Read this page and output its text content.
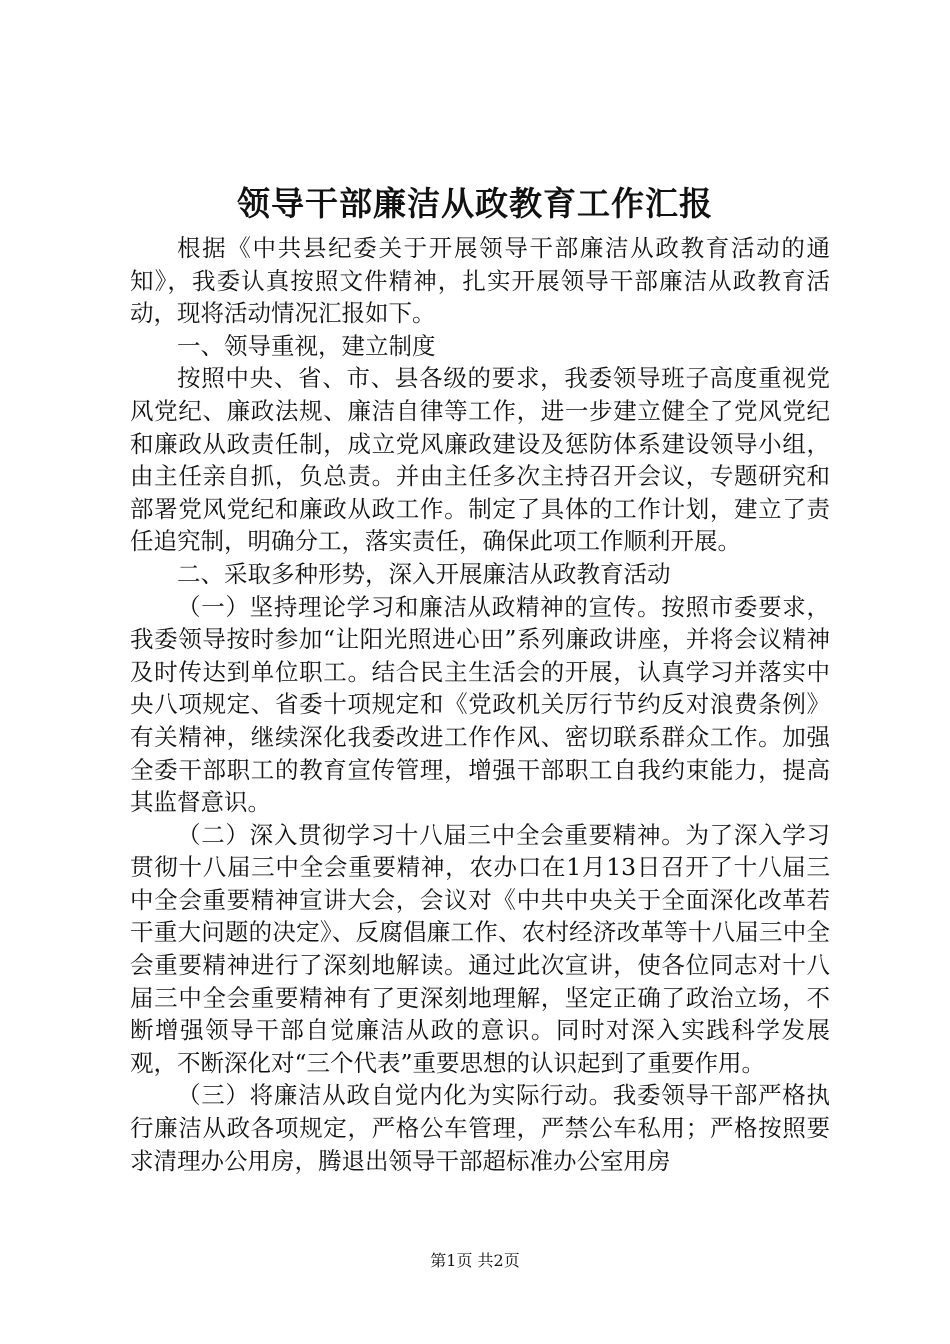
领导干部廉洁从政教育工作汇报

根据《中共县纪委关于开展领导干部廉洁从政教育活动的通知》，我委认真按照文件精神，扎实开展领导干部廉洁从政教育活动，现将活动情况汇报如下。

一、领导重视，建立制度

按照中央、省、市、县各级的要求，我委领导班子高度重视党风党纪、廉政法规、廉洁自律等工作，进一步建立健全了党风党纪和廉政从政责任制，成立党风廉政建设及惩防体系建设领导小组，由主任亲自抓，负总责。并由主任多次主持召开会议，专题研究和部署党风党纪和廉政从政工作。制定了具体的工作计划，建立了责任追究制，明确分工，落实责任，确保此项工作顺利开展。

二、采取多种形势，深入开展廉洁从政教育活动

（一）坚持理论学习和廉洁从政精神的宣传。按照市委要求，我委领导按时参加“让阳光照进心田”系列廉政讲座，并将会议精神及时传达到单位职工。结合民主生活会的开展，认真学习并落实中央八项规定、省委十项规定和《党政机关厉行节约反对浪费条例》有关精神，继续深化我委改进工作作风、密切联系群众工作。加强全委干部职工的教育宣传管理，增强干部职工自我约束能力，提高其监督意识。

（二）深入贯彻学习十八届三中全会重要精神。为了深入学习贯彻十八届三中全会重要精神，农办口在1月13日召开了十八届三中全会重要精神宣讲大会，会议对《中共中央关于全面深化改革若干重大问题的决定》、反腐倡廉工作、农村经济改革等十八届三中全会重要精神进行了深刻地解读。通过此次宣讲，使各位同志对十八届三中全会重要精神有了更深刻地理解，坚定正确了政治立场，不断增强领导干部自觉廉洁从政的意识。同时对深入实践科学发展观，不断深化对“三个代表”重要思想的认识起到了重要作用。

（三）将廉洁从政自觉内化为实际行动。我委领导干部严格执行廉洁从政各项规定，严格公车管理，严禁公车私用；严格按照要求清理办公用房，腾退出领导干部超标准办公室用房

第1页 共2页
